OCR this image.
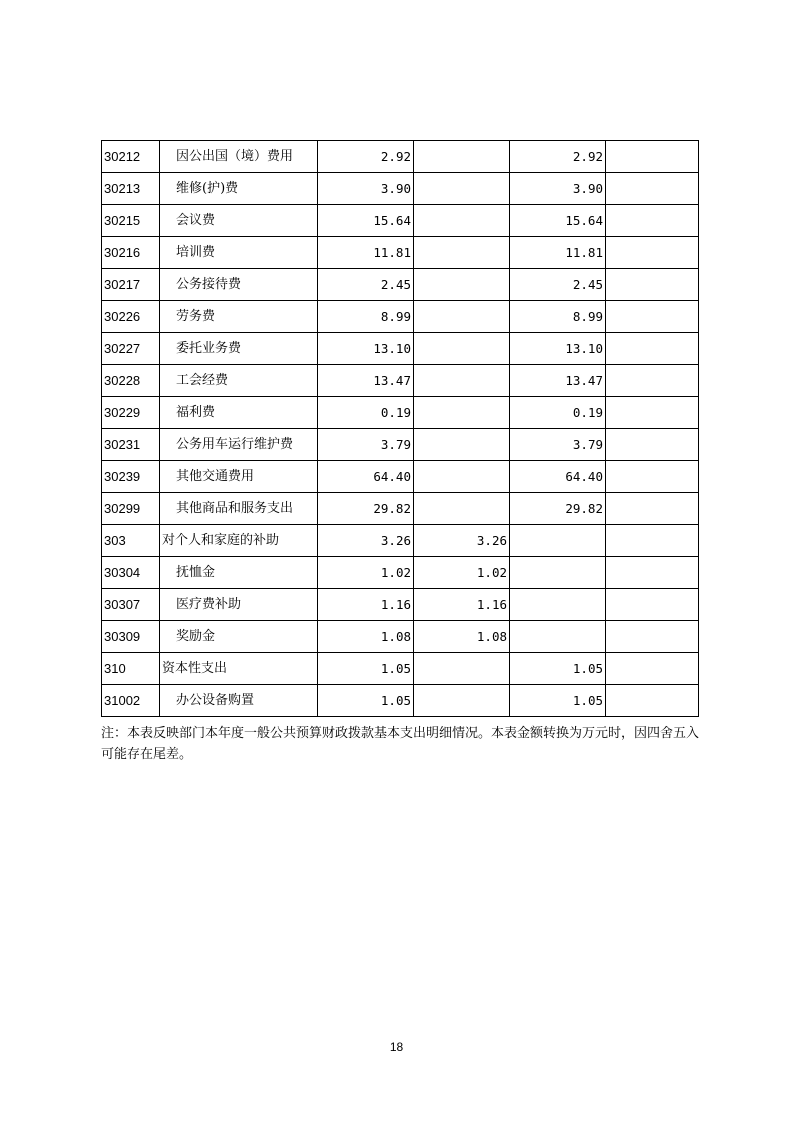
30212	因公出国（境）费用	2.92		2.92	
30213	维修(护)费	3.90		3.90	
30215	会议费	15.64		15.64	
30216	培训费	11.81		11.81	
30217	公务接待费	2.45		2.45	
30226	劳务费	8.99		8.99	
30227	委托业务费	13.10		13.10	
30228	工会经费	13.47		13.47	
30229	福利费	0.19		0.19	
30231	公务用车运行维护费	3.79		3.79	
30239	其他交通费用	64.40		64.40	
30299	其他商品和服务支出	29.82		29.82	
303	对个人和家庭的补助	3.26	3.26		
30304	抚恤金	1.02	1.02		
30307	医疗费补助	1.16	1.16		
30309	奖励金	1.08	1.08		
310	资本性支出	1.05		1.05	
31002	办公设备购置	1.05		1.05	

注：本表反映部门本年度一般公共预算财政拨款基本支出明细情况。本表金额转换为万元时，因四舍五入可能存在尾差。

18
